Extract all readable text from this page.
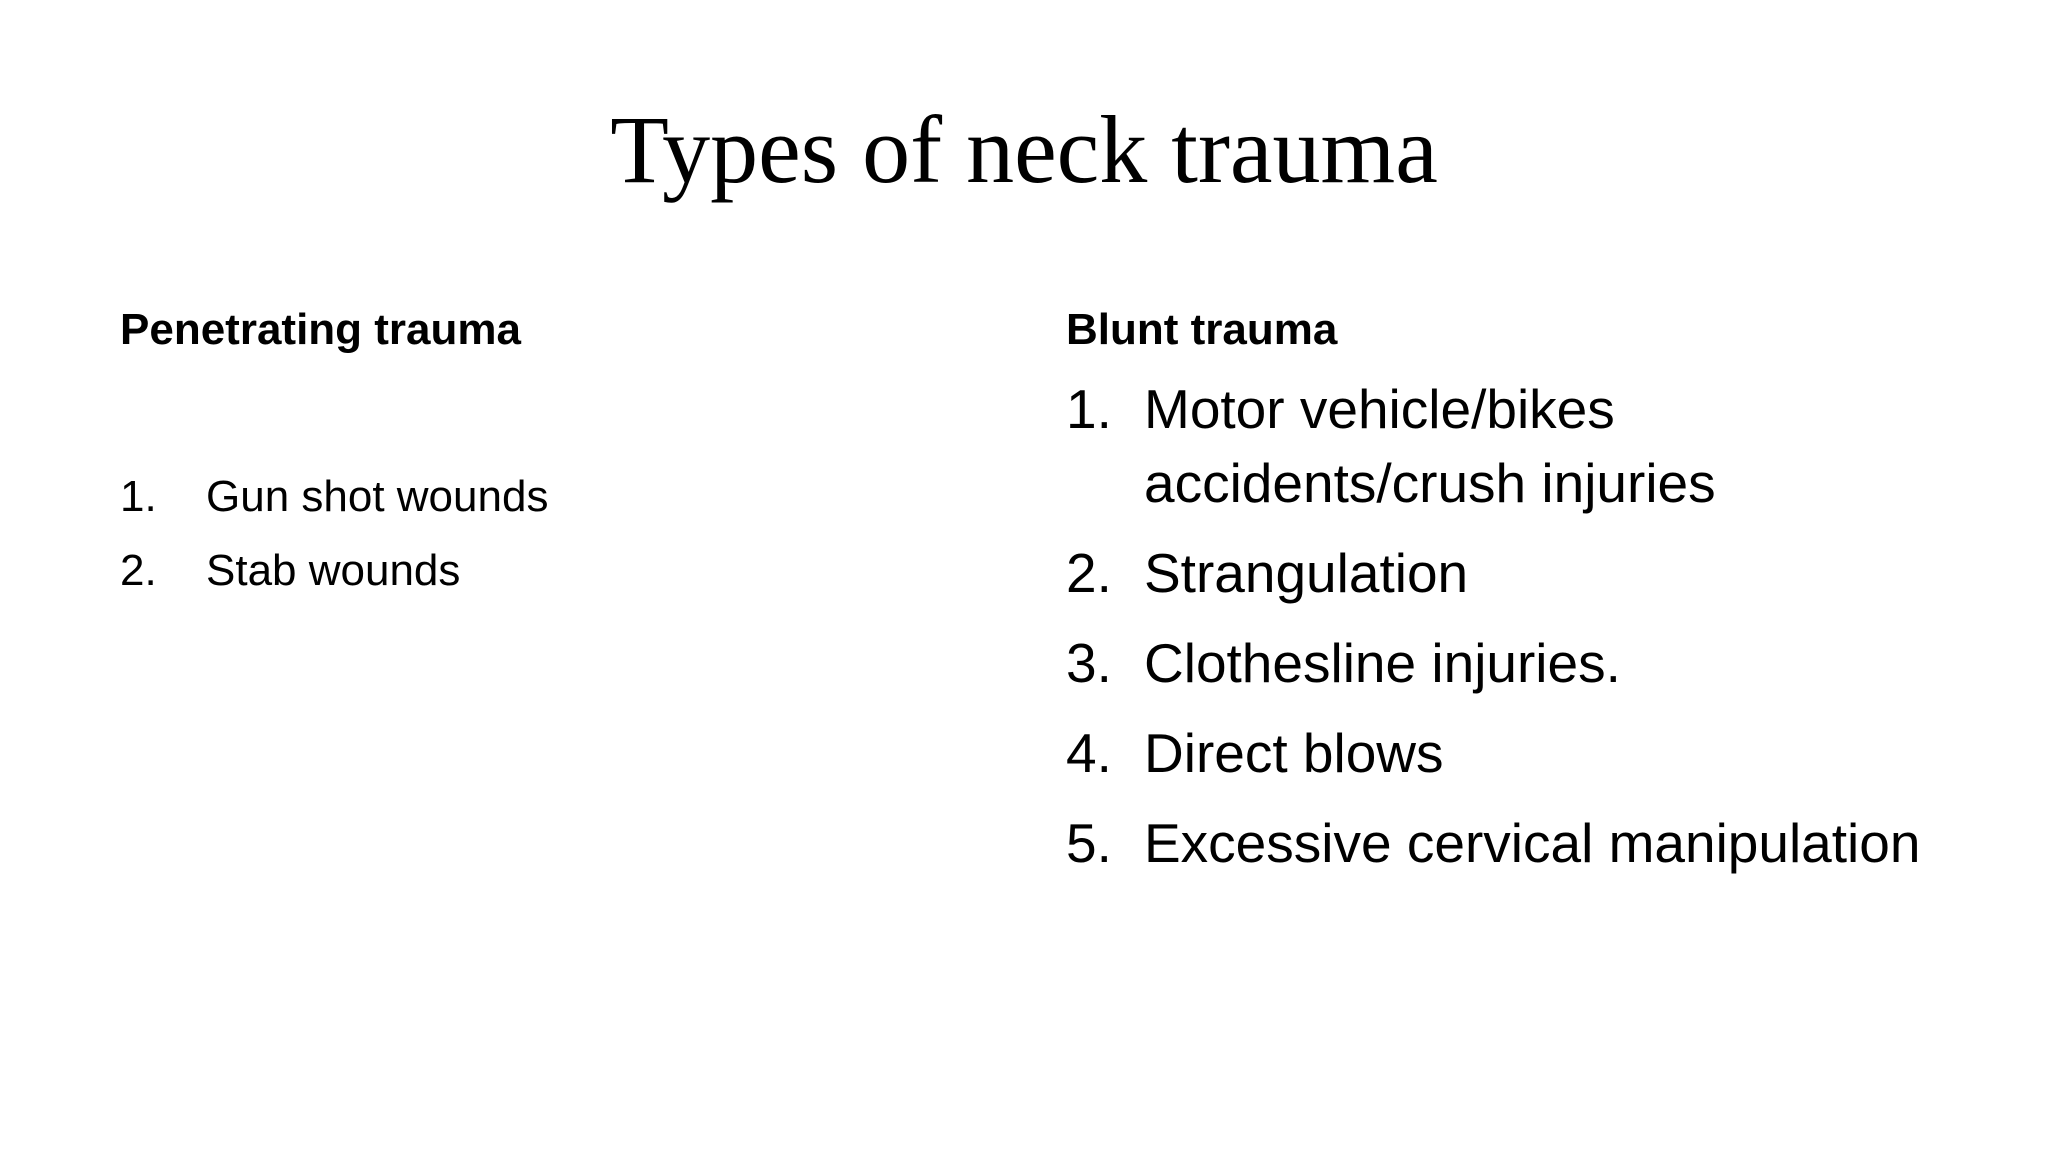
Types of neck trauma
Penetrating trauma
1.	Gun shot wounds
2.	Stab wounds
Blunt trauma
1. Motor vehicle/bikes accidents/crush injuries
2. Strangulation
3. Clothesline injuries.
4. Direct blows
5. Excessive cervical manipulation
